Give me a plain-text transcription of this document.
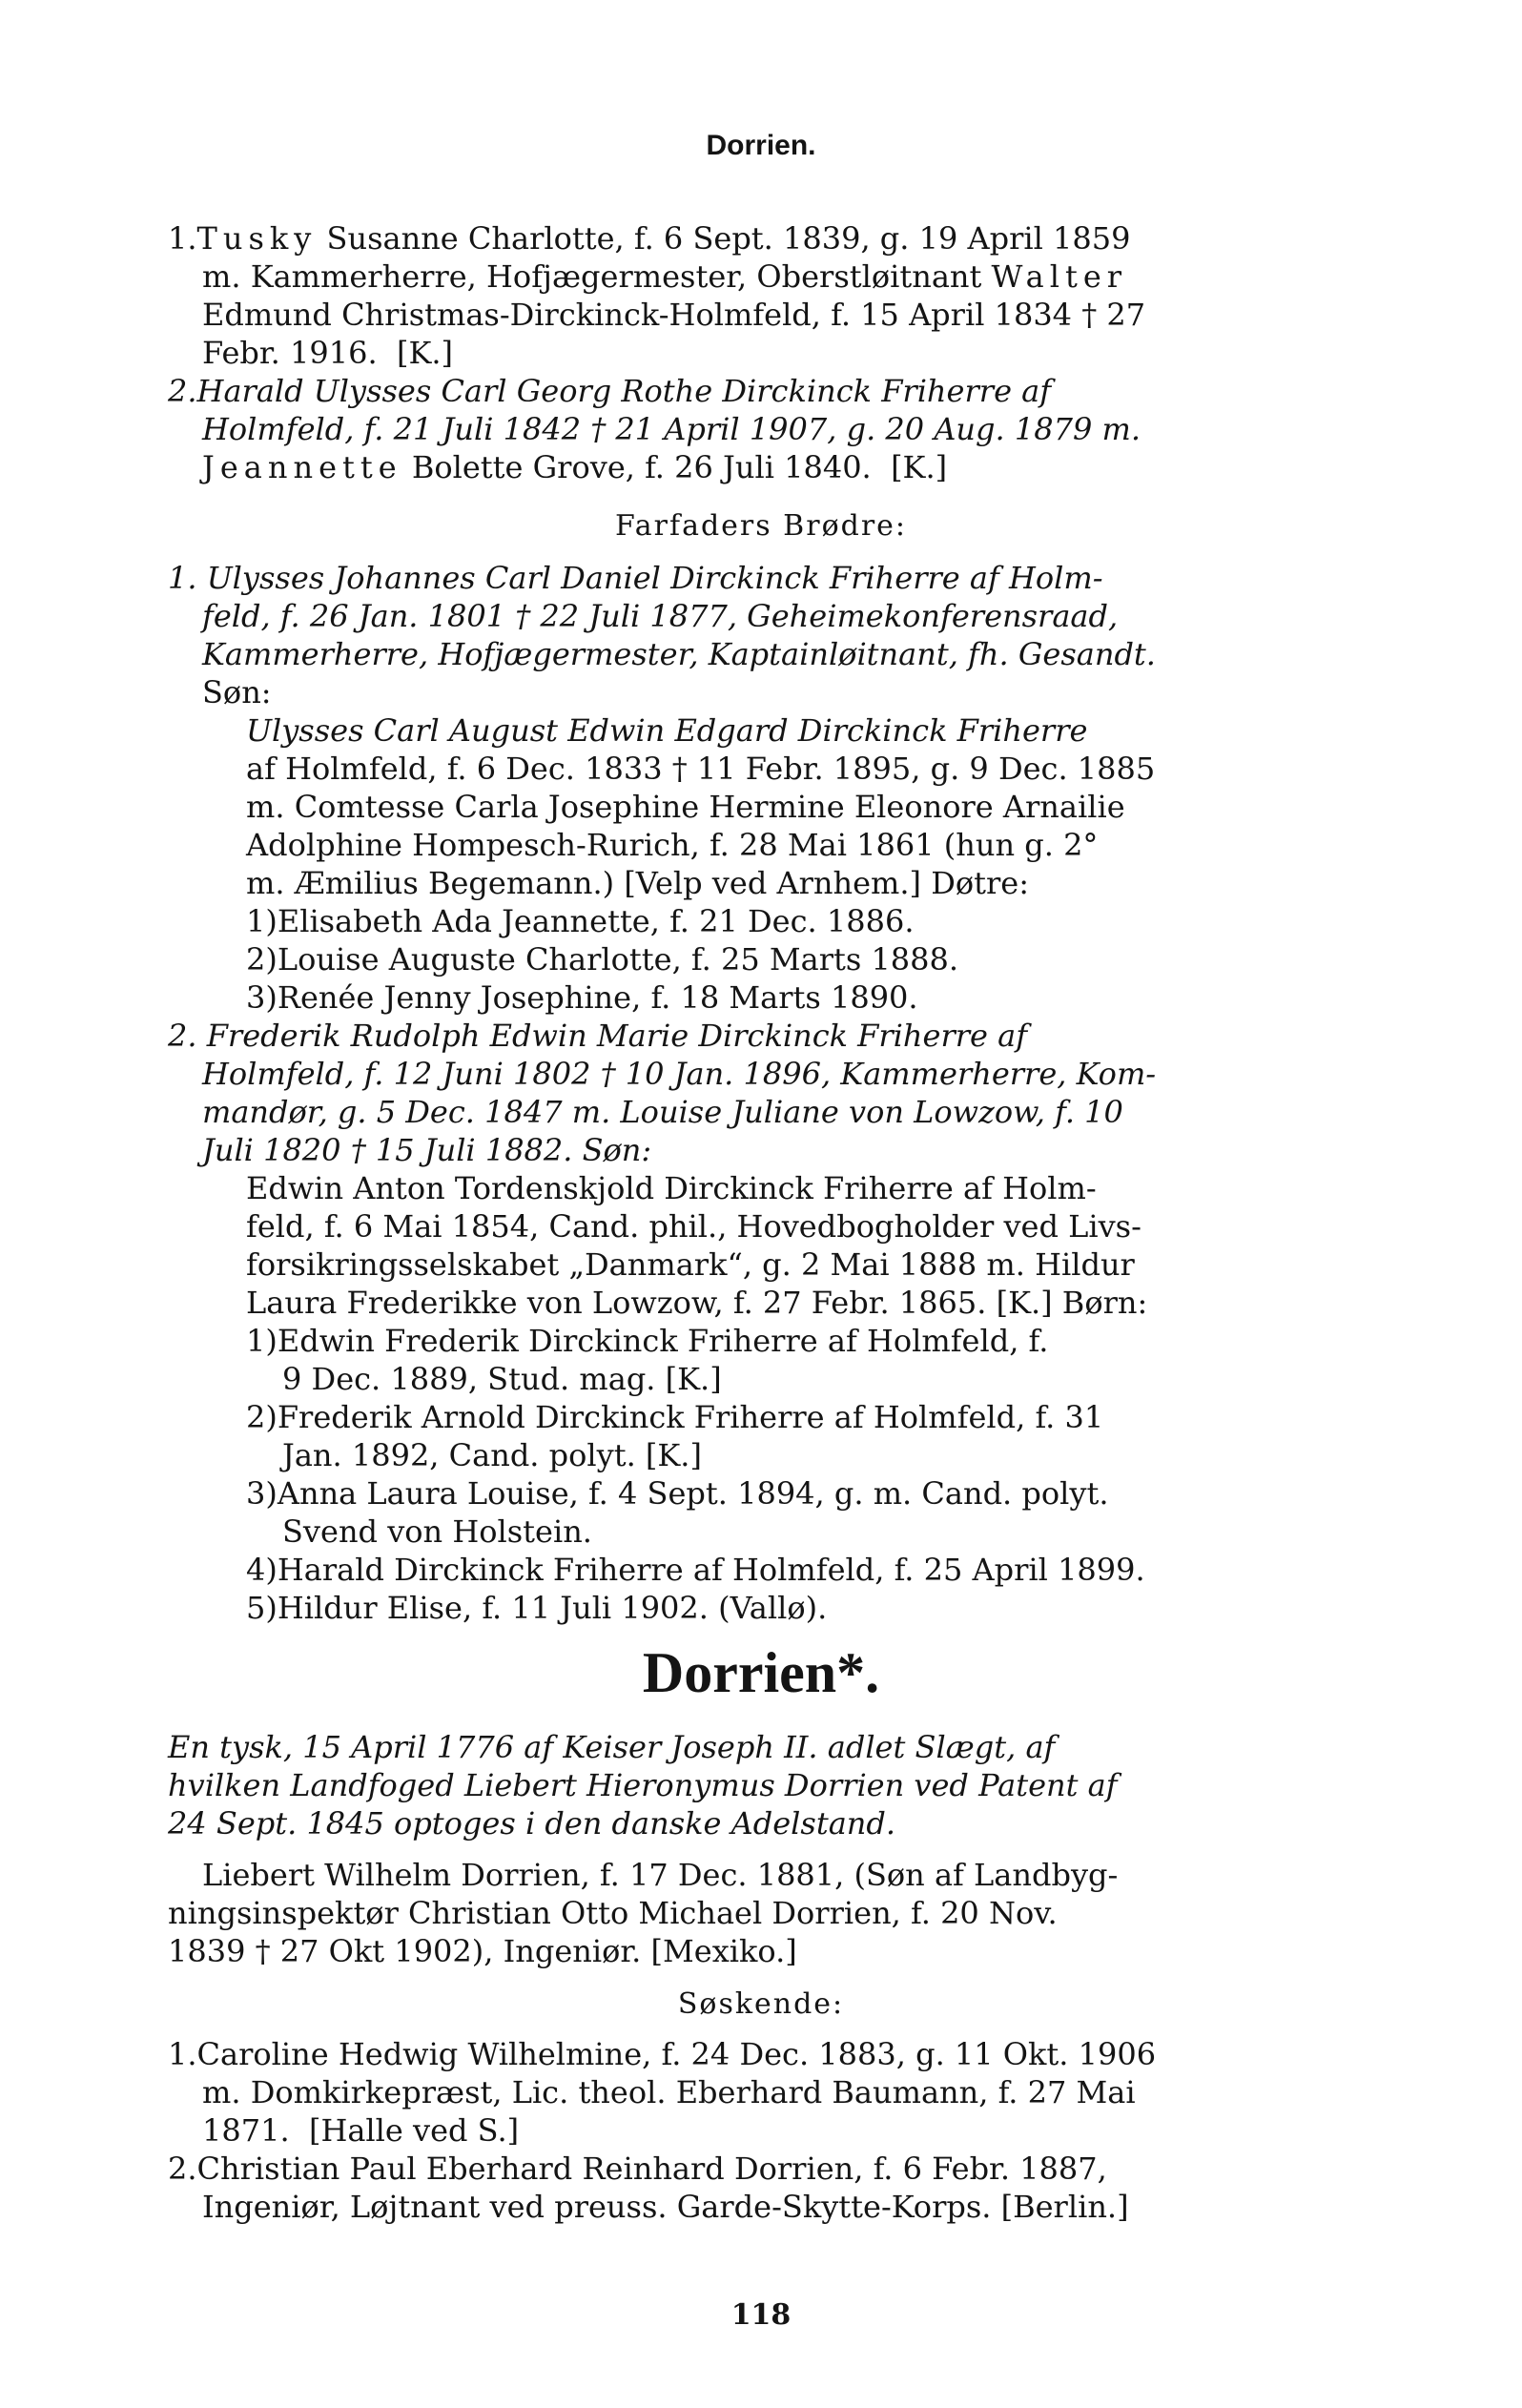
Dorrien.
1.Tusky Susanne Charlotte, f. 6 Sept. 1839, g. 19 April 1859
m. Kammerherre, Hofjægermester, Oberstløitnant Walter
Edmund Christmas-Dirckinck-Holmfeld, f. 15 April 1834 † 27
Febr. 1916.  [K.]
2.Harald Ulysses Carl Georg Rothe Dirckinck Friherre af
Holmfeld, f. 21 Juli 1842 † 21 April 1907, g. 20 Aug. 1879 m.
Jeannette Bolette Grove, f. 26 Juli 1840.  [K.]
Farfaders Brødre:
1. Ulysses Johannes Carl Daniel Dirckinck Friherre af Holm-
feld, f. 26 Jan. 1801 † 22 Juli 1877, Geheimekonferensraad,
Kammerherre, Hofjægermester, Kaptainløitnant, fh. Gesandt.
Søn:
Ulysses Carl August Edwin Edgard Dirckinck Friherre
af Holmfeld, f. 6 Dec. 1833 † 11 Febr. 1895, g. 9 Dec. 1885
m. Comtesse Carla Josephine Hermine Eleonore Arnailie
Adolphine Hompesch-Rurich, f. 28 Mai 1861 (hun g. 2°
m. Æmilius Begemann.) [Velp ved Arnhem.] Døtre:
1)Elisabeth Ada Jeannette, f. 21 Dec. 1886.
2)Louise Auguste Charlotte, f. 25 Marts 1888.
3)Renée Jenny Josephine, f. 18 Marts 1890.
2. Frederik Rudolph Edwin Marie Dirckinck Friherre af
Holmfeld, f. 12 Juni 1802 † 10 Jan. 1896, Kammerherre, Kom-
mandør, g. 5 Dec. 1847 m. Louise Juliane von Lowzow, f. 10
Juli 1820 † 15 Juli 1882. Søn:
Edwin Anton Tordenskjold Dirckinck Friherre af Holm-
feld, f. 6 Mai 1854, Cand. phil., Hovedbogholder ved Livs-
forsikringsselskabet „Danmark“, g. 2 Mai 1888 m. Hildur
Laura Frederikke von Lowzow, f. 27 Febr. 1865. [K.] Børn:
1)Edwin Frederik Dirckinck Friherre af Holmfeld, f.
9 Dec. 1889, Stud. mag. [K.]
2)Frederik Arnold Dirckinck Friherre af Holmfeld, f. 31
Jan. 1892, Cand. polyt. [K.]
3)Anna Laura Louise, f. 4 Sept. 1894, g. m. Cand. polyt.
Svend von Holstein.
4)Harald Dirckinck Friherre af Holmfeld, f. 25 April 1899.
5)Hildur Elise, f. 11 Juli 1902. (Vallø).
Dorrien*.
En tysk, 15 April 1776 af Keiser Joseph II. adlet Slægt, af
hvilken Landfoged Liebert Hieronymus Dorrien ved Patent af
24 Sept. 1845 optoges i den danske Adelstand.
Liebert Wilhelm Dorrien, f. 17 Dec. 1881, (Søn af Landbyg-
ningsinspektør Christian Otto Michael Dorrien, f. 20 Nov.
1839 † 27 Okt 1902), Ingeniør. [Mexiko.]
Søskende:
1.Caroline Hedwig Wilhelmine, f. 24 Dec. 1883, g. 11 Okt. 1906
m. Domkirkepræst, Lic. theol. Eberhard Baumann, f. 27 Mai
1871.  [Halle ved S.]
2.Christian Paul Eberhard Reinhard Dorrien, f. 6 Febr. 1887,
Ingeniør, Løjtnant ved preuss. Garde-Skytte-Korps. [Berlin.]
118
